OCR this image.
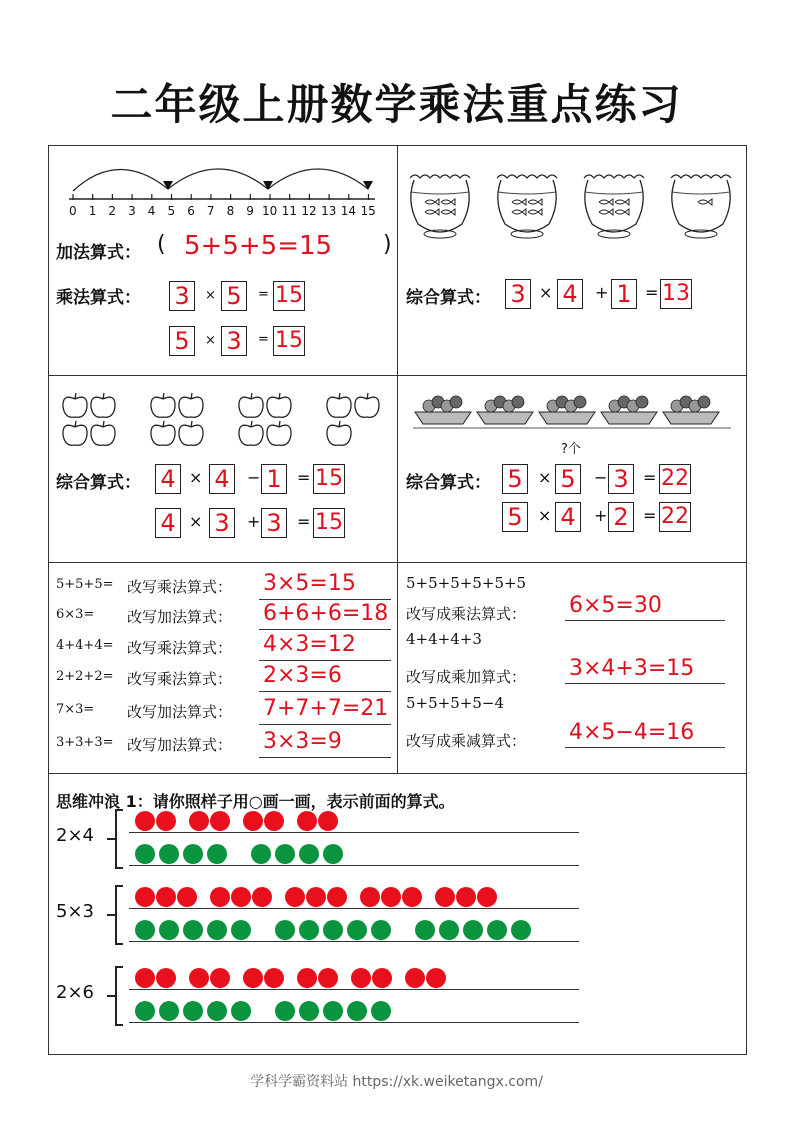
二年级上册数学乘法重点练习
0 1 2 3 4 5 6 7 8 9 10 11 12 13 14 15
加法算式： ( 5+5+5=15 )
乘法算式： 3	× 5	= 15
5	× 3	= 15
综合算式： 3 × 4	+ 1 = 13
综合算式： 4 × 4	− 1 = 15
4 × 3	+ 3 = 15
?个
综合算式： 5 × 5	− 3 = 22
5 × 4	+ 2 = 22
5+5+5= 改写乘法算式： 3×5=15
6×3= 改写加法算式： 6+6+6=18
4+4+4= 改写乘法算式： 4×3=12
2+2+2= 改写乘法算式： 2×3=6
7×3= 改写加法算式： 7+7+7=21
3+3+3= 改写加法算式： 3×3=9
5+5+5+5+5+5
改写成乘法算式： 6×5=30
4+4+4+3
改写成乘加算式： 3×4+3=15
5+5+5+5−4
改写成乘减算式： 4×5−4=16
思维冲浪 1：请你照样子用○画一画，表示前面的算式。
2×4
5×3
2×6
学科学霸资料站 https://xk.weiketangx.com/
